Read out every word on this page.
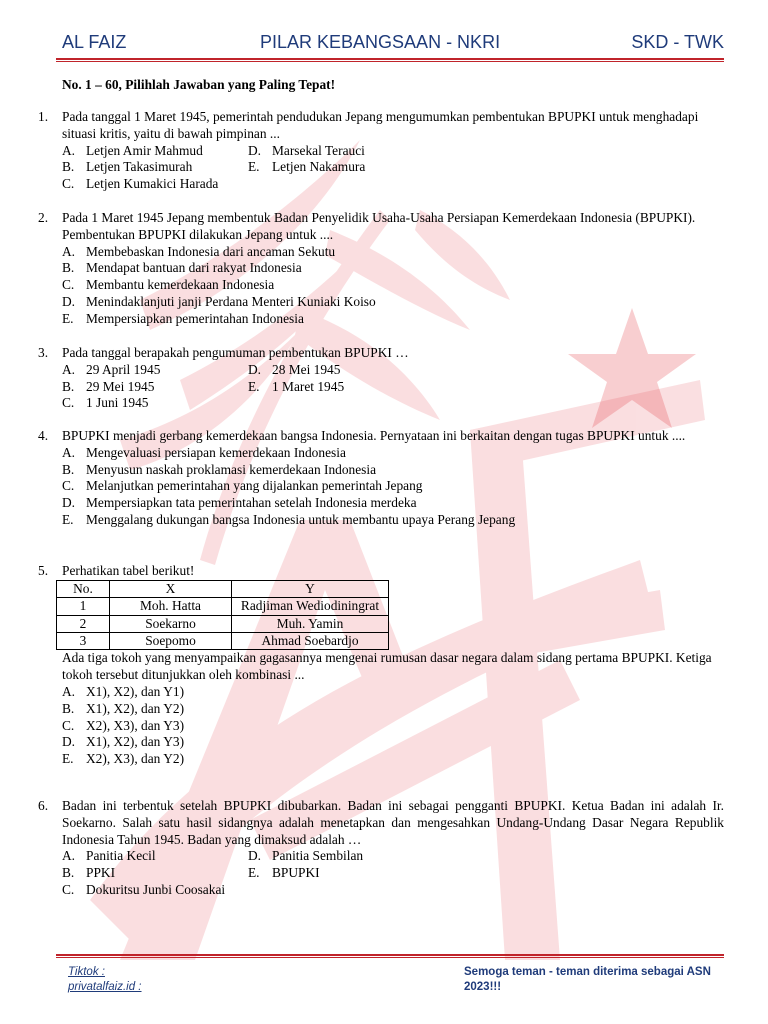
AL FAIZ	PILAR KEBANGSAAN - NKRI	SKD - TWK
No. 1 – 60, Pilihlah Jawaban yang Paling Tepat!
1. Pada tanggal 1 Maret 1945, pemerintah pendudukan Jepang mengumumkan pembentukan BPUPKI untuk menghadapi situasi kritis, yaitu di bawah pimpinan ...
A. Letjen Amir Mahmud	D. Marsekal Terauci
B. Letjen Takasimurah	E. Letjen Nakamura
C. Letjen Kumakici Harada
2. Pada 1 Maret 1945 Jepang membentuk Badan Penyelidik Usaha-Usaha Persiapan Kemerdekaan Indonesia (BPUPKI). Pembentukan BPUPKI dilakukan Jepang untuk ....
A. Membebaskan Indonesia dari ancaman Sekutu
B. Mendapat bantuan dari rakyat Indonesia
C. Membantu kemerdekaan Indonesia
D. Menindaklanjuti janji Perdana Menteri Kuniaki Koiso
E. Mempersiapkan pemerintahan Indonesia
3. Pada tanggal berapakah pengumuman pembentukan BPUPKI …
A. 29 April 1945	D. 28 Mei 1945
B. 29 Mei 1945	E. 1 Maret 1945
C. 1 Juni 1945
4. BPUPKI menjadi gerbang kemerdekaan bangsa Indonesia. Pernyataan ini berkaitan dengan tugas BPUPKI untuk ....
A. Mengevaluasi persiapan kemerdekaan Indonesia
B. Menyusun naskah proklamasi kemerdekaan Indonesia
C. Melanjutkan pemerintahan yang dijalankan pemerintah Jepang
D. Mempersiapkan tata pemerintahan setelah Indonesia merdeka
E. Menggalang dukungan bangsa Indonesia untuk membantu upaya Perang Jepang
5. Perhatikan tabel berikut!
No.	X	Y
1	Moh. Hatta	Radjiman Wediodiningrat
2	Soekarno	Muh. Yamin
3	Soepomo	Ahmad Soebardjo
Ada tiga tokoh yang menyampaikan gagasannya mengenai rumusan dasar negara dalam sidang pertama BPUPKI. Ketiga tokoh tersebut ditunjukkan oleh kombinasi ...
A. X1), X2), dan Y1)
B. X1), X2), dan Y2)
C. X2), X3), dan Y3)
D. X1), X2), dan Y3)
E. X2), X3), dan Y2)
6. Badan ini terbentuk setelah BPUPKI dibubarkan. Badan ini sebagai pengganti BPUPKI. Ketua Badan ini adalah Ir. Soekarno. Salah satu hasil sidangnya adalah menetapkan dan mengesahkan Undang-Undang Dasar Negara Republik Indonesia Tahun 1945. Badan yang dimaksud adalah …
A. Panitia Kecil	D. Panitia Sembilan
B. PPKI	E. BPUPKI
C. Dokuritsu Junbi Coosakai
Tiktok :
privatalfaiz.id :
Semoga teman - teman diterima sebagai ASN
2023!!!
